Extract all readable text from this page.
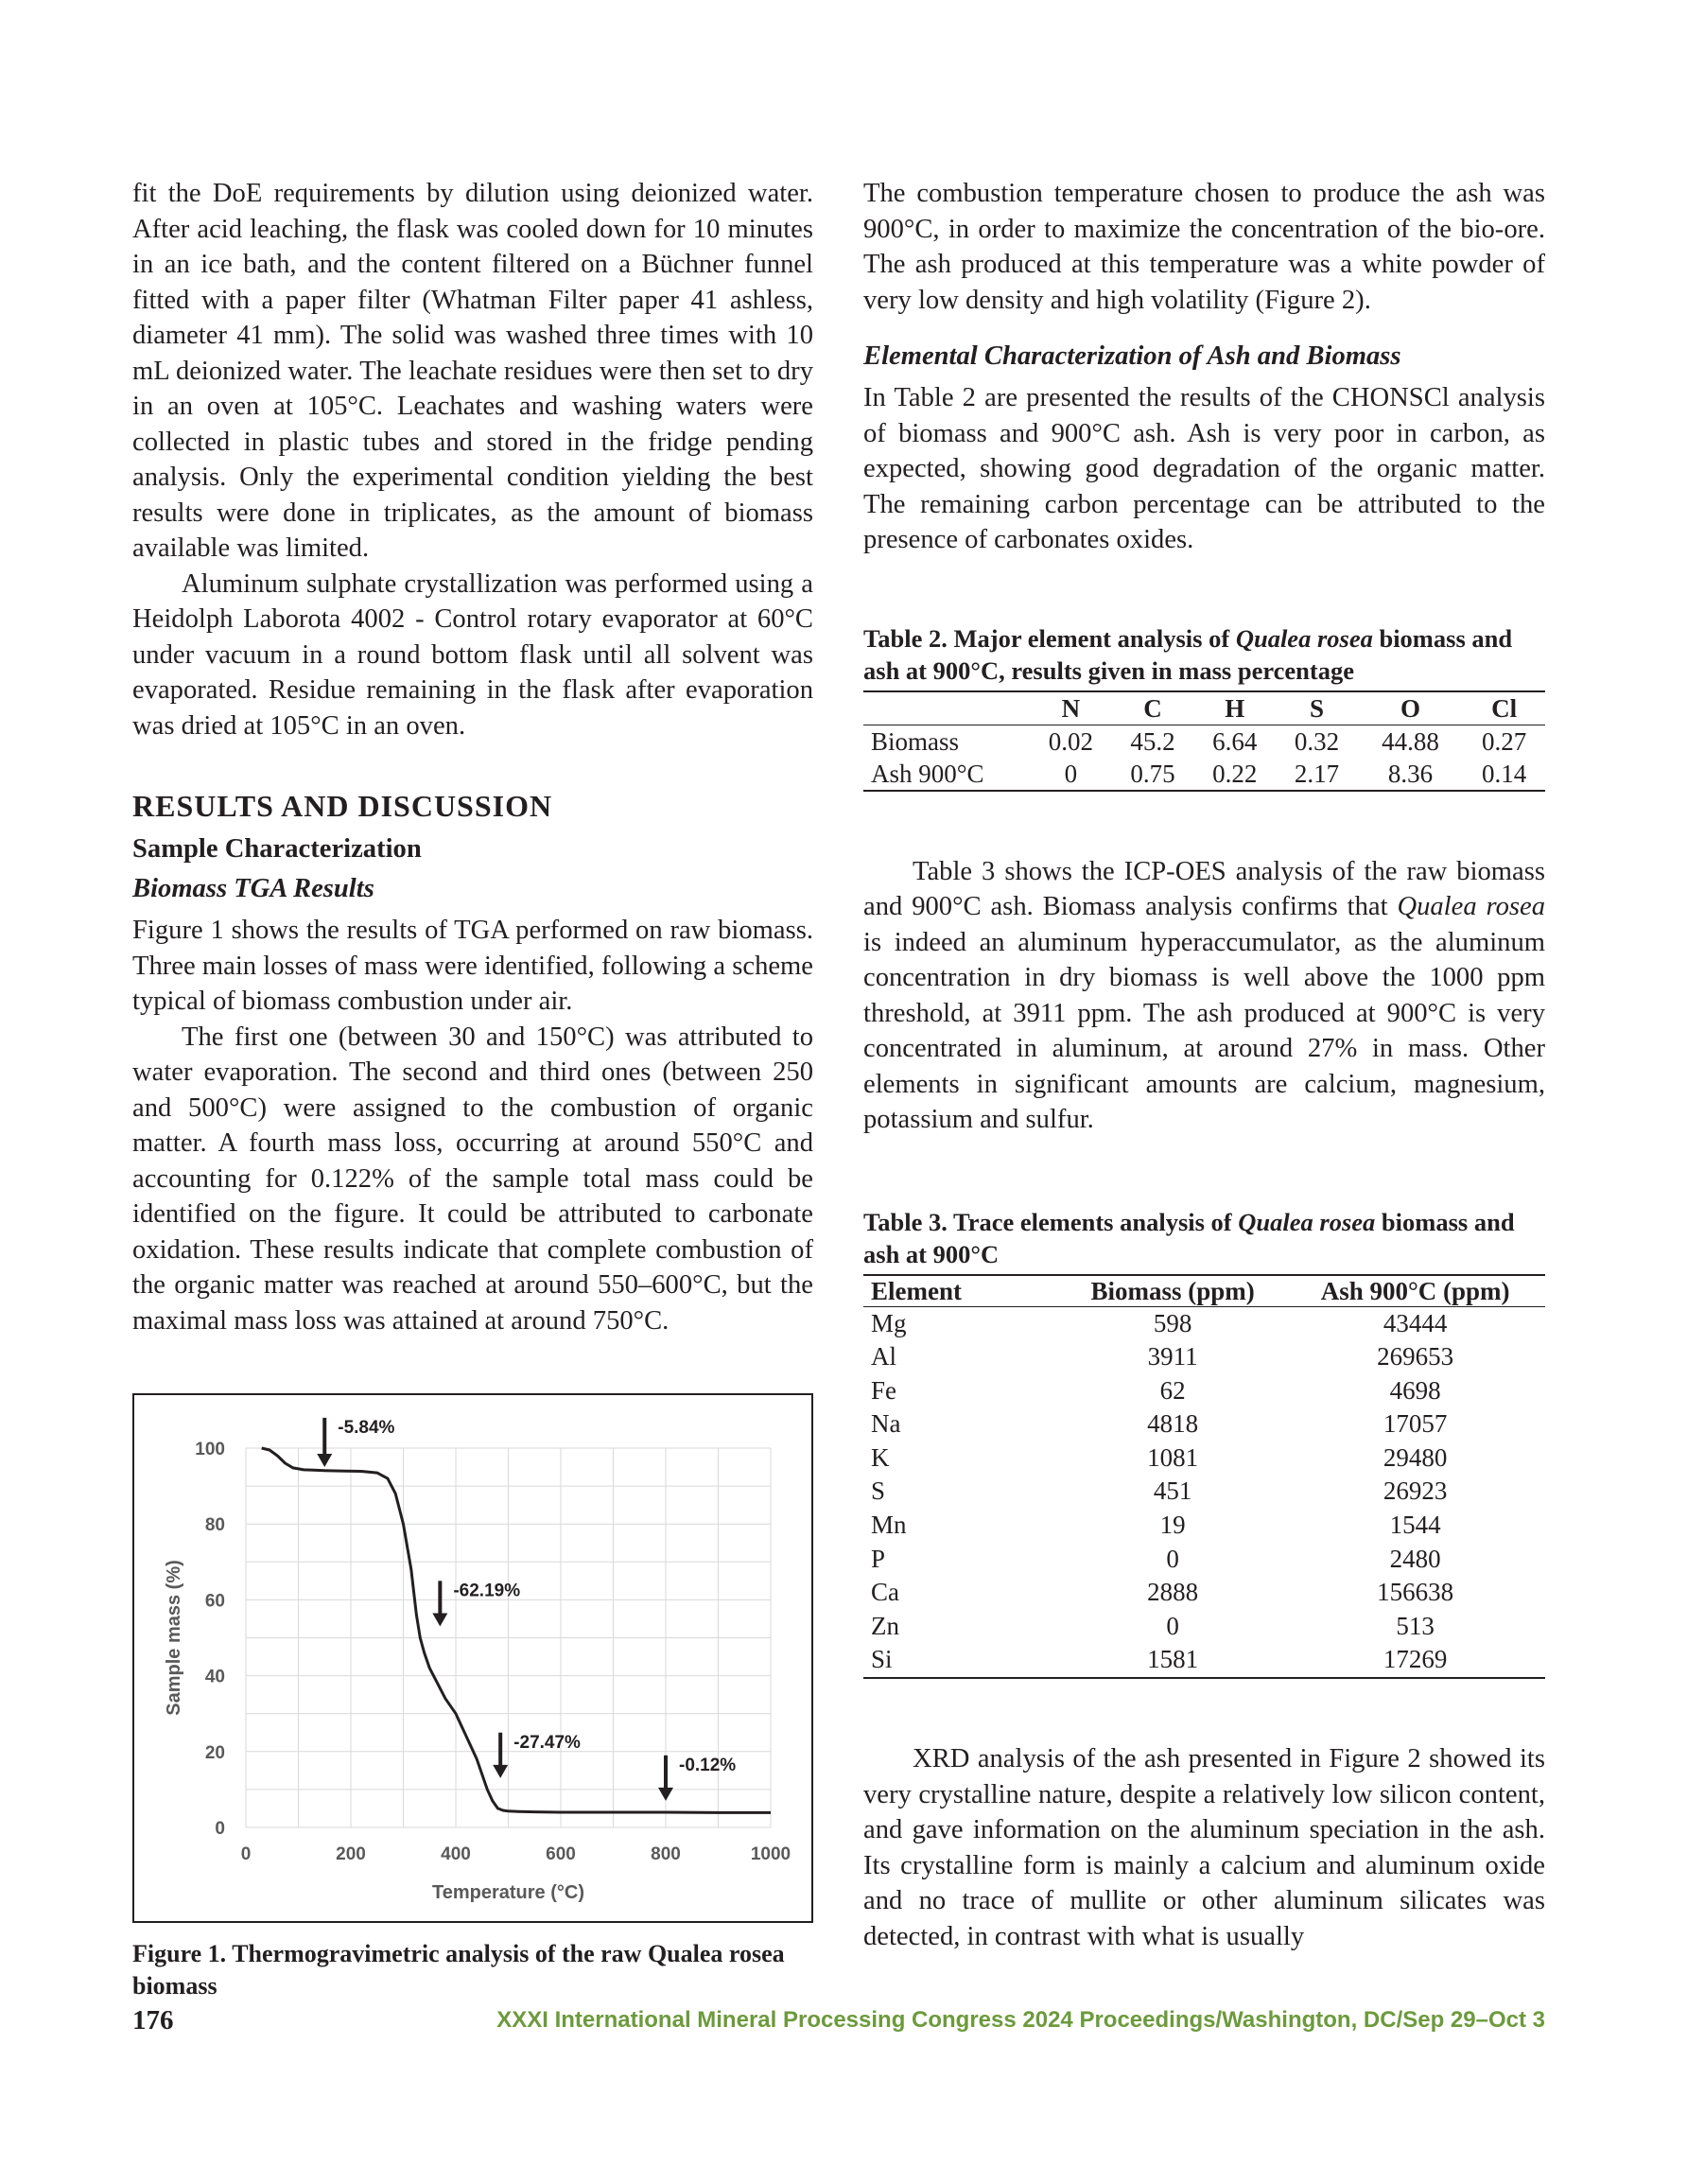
fit the DoE requirements by dilution using deionized water. After acid leaching, the flask was cooled down for 10 minutes in an ice bath, and the content filtered on a Büchner funnel fitted with a paper filter (Whatman Filter paper 41 ashless, diameter 41 mm). The solid was washed three times with 10 mL deionized water. The leachate residues were then set to dry in an oven at 105°C. Leachates and washing waters were collected in plastic tubes and stored in the fridge pending analysis. Only the experimental condition yielding the best results were done in triplicates, as the amount of biomass available was limited.

Aluminum sulphate crystallization was performed using a Heidolph Laborota 4002 - Control rotary evaporator at 60°C under vacuum in a round bottom flask until all solvent was evaporated. Residue remaining in the flask after evaporation was dried at 105°C in an oven.

RESULTS AND DISCUSSION
Sample Characterization
Biomass TGA Results

Figure 1 shows the results of TGA performed on raw biomass. Three main losses of mass were identified, following a scheme typical of biomass combustion under air.

The first one (between 30 and 150°C) was attributed to water evaporation. The second and third ones (between 250 and 500°C) were assigned to the combustion of organic matter. A fourth mass loss, occurring at around 550°C and accounting for 0.122% of the sample total mass could be identified on the figure. It could be attributed to carbonate oxidation. These results indicate that complete combustion of the organic matter was reached at around 550–600°C, but the maximal mass loss was attained at around 750°C.

0	200	400	600	800	1000
0
20
40
60
80
100
Temperature (°C)
Sample mass (%)
-5.84%
-62.19%
-27.47%
-0.12%
Figure 1. Thermogravimetric analysis of the raw Qualea rosea biomass

The combustion temperature chosen to produce the ash was 900°C, in order to maximize the concentration of the bio-ore. The ash produced at this temperature was a white powder of very low density and high volatility (Figure 2).

Elemental Characterization of Ash and Biomass

In Table 2 are presented the results of the CHONSCl analysis of biomass and 900°C ash. Ash is very poor in carbon, as expected, showing good degradation of the organic matter. The remaining carbon percentage can be attributed to the presence of carbonates oxides.

Table 2. Major element analysis of Qualea rosea biomass and ash at 900°C, results given in mass percentage
	N	C	H	S	O	Cl
Biomass	0.02	45.2	6.64	0.32	44.88	0.27
Ash 900°C	0	0.75	0.22	2.17	8.36	0.14

Table 3 shows the ICP-OES analysis of the raw biomass and 900°C ash. Biomass analysis confirms that Qualea rosea is indeed an aluminum hyperaccumulator, as the aluminum concentration in dry biomass is well above the 1000 ppm threshold, at 3911 ppm. The ash produced at 900°C is very concentrated in aluminum, at around 27% in mass. Other elements in significant amounts are calcium, magnesium, potassium and sulfur.

Table 3. Trace elements analysis of Qualea rosea biomass and ash at 900°C
Element	Biomass (ppm)	Ash 900°C (ppm)
Mg	598	43444
Al	3911	269653
Fe	62	4698
Na	4818	17057
K	1081	29480
S	451	26923
Mn	19	1544
P	0	2480
Ca	2888	156638
Zn	0	513
Si	1581	17269

XRD analysis of the ash presented in Figure 2 showed its very crystalline nature, despite a relatively low silicon content, and gave information on the aluminum speciation in the ash. Its crystalline form is mainly a calcium and aluminum oxide and no trace of mullite or other aluminum silicates was detected, in contrast with what is usually

176	XXXI International Mineral Processing Congress 2024 Proceedings/Washington, DC/Sep 29–Oct 3
